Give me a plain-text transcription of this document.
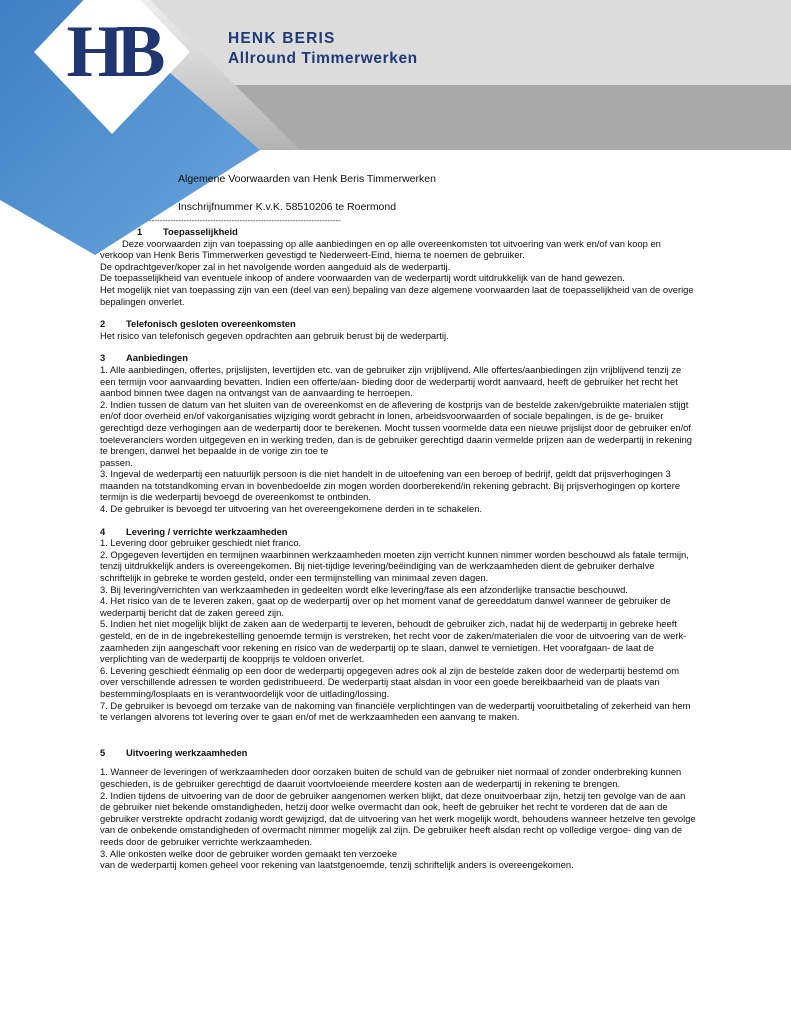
HB	HENK BERIS
Allround Timmerwerken
Algemene Voorwaarden van Henk Beris Timmerwerken
Inschrijfnummer K.v.K. 58510206 te Roermond
------------------------------------------------------------------------
1 Toepasselijkheid

Deze voorwaarden zijn van toepassing op alle aanbiedingen en op alle overeenkomsten tot uitvoering van werk en/of van koop en verkoop van Henk Beris Timmerwerken gevestigd te Nederweert-Eind, hierna te noemen de gebruiker.

De opdrachtgever/koper zal in het navolgende worden aangeduid als de wederpartij.

De toepasselijkheid van eventuele inkoop of andere voorwaarden van de wederpartij wordt uitdrukkelijk van de hand gewezen.

Het mogelijk niet van toepassing zijn van een (deel van een) bepaling van deze algemene voorwaarden laat de toepasselijkheid van de overige bepalingen onverlet.

2 Telefonisch gesloten overeenkomsten

Het risico van telefonisch gegeven opdrachten aan gebruik berust bij de wederpartij.

3 Aanbiedingen

1. Alle aanbiedingen, offertes, prijslijsten, levertijden etc. van de gebruiker zijn vrijblijvend. Alle offertes/aanbiedingen zijn vrijblijvend tenzij ze een termijn voor aanvaarding bevatten. Indien een offerte/aan- bieding door de wederpartij wordt aanvaard, heeft de gebruiker het recht het aanbod binnen twee dagen na ontvangst van de aanvaarding te herroepen.

2. Indien tussen de datum van het sluiten van de overeenkomst en de aflevering de kostprijs van de bestelde zaken/gebruikte materialen stijgt en/of door overheid en/of vakorganisaties wijziging wordt gebracht in lonen, arbeidsvoorwaarden of sociale bepalingen, is de ge- bruiker gerechtigd deze verhogingen aan de wederpartij door te berekenen. Mocht tussen voormelde data een nieuwe prijslijst door de gebruiker en/of toeleveranciers worden uitgegeven en in werking treden, dan is de gebruiker gerechtigd daarin vermelde prijzen aan de wederpartij in rekening te brengen, danwel het bepaalde in de vorige zin toe te

passen.

3. Ingeval de wederpartij een natuurlijk persoon is die niet handelt in de uitoefening van een beroep of bedrijf, geldt dat prijsverhogingen 3 maanden na totstandkoming ervan in bovenbedoelde zin mogen worden doorberekend/in rekening gebracht. Bij prijsverhogingen op kortere termijn is die wederpartij bevoegd de overeenkomst te ontbinden.

4. De gebruiker is bevoegd ter uitvoering van het overeengekomene derden in te schakelen.

4 Levering / verrichte werkzaamheden

1. Levering door gebruiker geschiedt niet franco.

2. Opgegeven levertijden en termijnen waarbinnen werkzaamheden moeten zijn verricht kunnen nimmer worden beschouwd als fatale termijn, tenzij uitdrukkelijk anders is overeengekomen. Bij niet-tijdige levering/beëindiging van de werkzaamheden dient de gebruiker derhalve schriftelijk in gebreke te worden gesteld, onder een termijnstelling van minimaal zeven dagen.

3. Bij levering/verrichten van werkzaamheden in gedeelten wordt elke levering/fase als een afzonderlijke transactie beschouwd.

4. Het risico van de te leveren zaken, gaat op de wederpartij over op het moment vanaf de gereeddatum danwel wanneer de gebruiker de wederpartij bericht dat de zaken gereed zijn.

5. Indien het niet mogelijk blijkt de zaken aan de wederpartij te leveren, behoudt de gebruiker zich, nadat hij de wederpartij in gebreke heeft gesteld, en de in de ingebrekestelling genoemde termijn is verstreken, het recht voor de zaken/materialen die voor de uitvoering van de werk- zaamheden zijn aangeschaft voor rekening en risico van de wederpartij op te slaan, danwel te vernietigen. Het voorafgaan- de laat de verplichting van de wederpartij de koopprijs te voldoen onverlet.

6. Levering geschiedt éénmalig op een door de wederpartij opgegeven adres ook al zijn de bestelde zaken door de wederpartij bestemd om over verschillende adressen te worden gedistribueerd. De wederpartij staat alsdan in voor een goede bereikbaarheid van de plaats van bestemming/losplaats en is verantwoordelijk voor de uitlading/lossing.

7. De gebruiker is bevoegd om terzake van de nakoming van financiële verplichtingen van de wederpartij vooruitbetaling of zekerheid van hem te verlangen alvorens tot levering over te gaan en/of met de werkzaamheden een aanvang te maken.

5 Uitvoering werkzaamheden

1. Wanneer de leveringen of werkzaamheden door oorzaken buiten de schuld van de gebruiker niet normaal of zonder onderbreking kunnen geschieden, is de gebruiker gerechtigd de daaruit voortvloeiende meerdere kosten aan de wederpartij in rekening te brengen.

2. Indien tijdens de uitvoering van de door de gebruiker aangenomen werken blijkt, dat deze onuitvoerbaar zijn, hetzij ten gevolge van de aan de gebruiker niet bekende omstandigheden, hetzij door welke overmacht dan ook, heeft de gebruiker het recht te vorderen dat de aan de gebruiker verstrekte opdracht zodanig wordt gewijzigd, dat de uitvoering van het werk mogelijk wordt, behoudens wanneer hetzelve ten gevolge van de onbekende omstandigheden of overmacht nimmer mogelijk zal zijn. De gebruiker heeft alsdan recht op volledige vergoe- ding van de reeds door de gebruiker verrichte werkzaamheden.

3. Alle onkosten welke door de gebruiker worden gemaakt ten verzoeke

van de wederpartij komen geheel voor rekening van laatstgenoemde, tenzij schriftelijk anders is overeengekomen.
